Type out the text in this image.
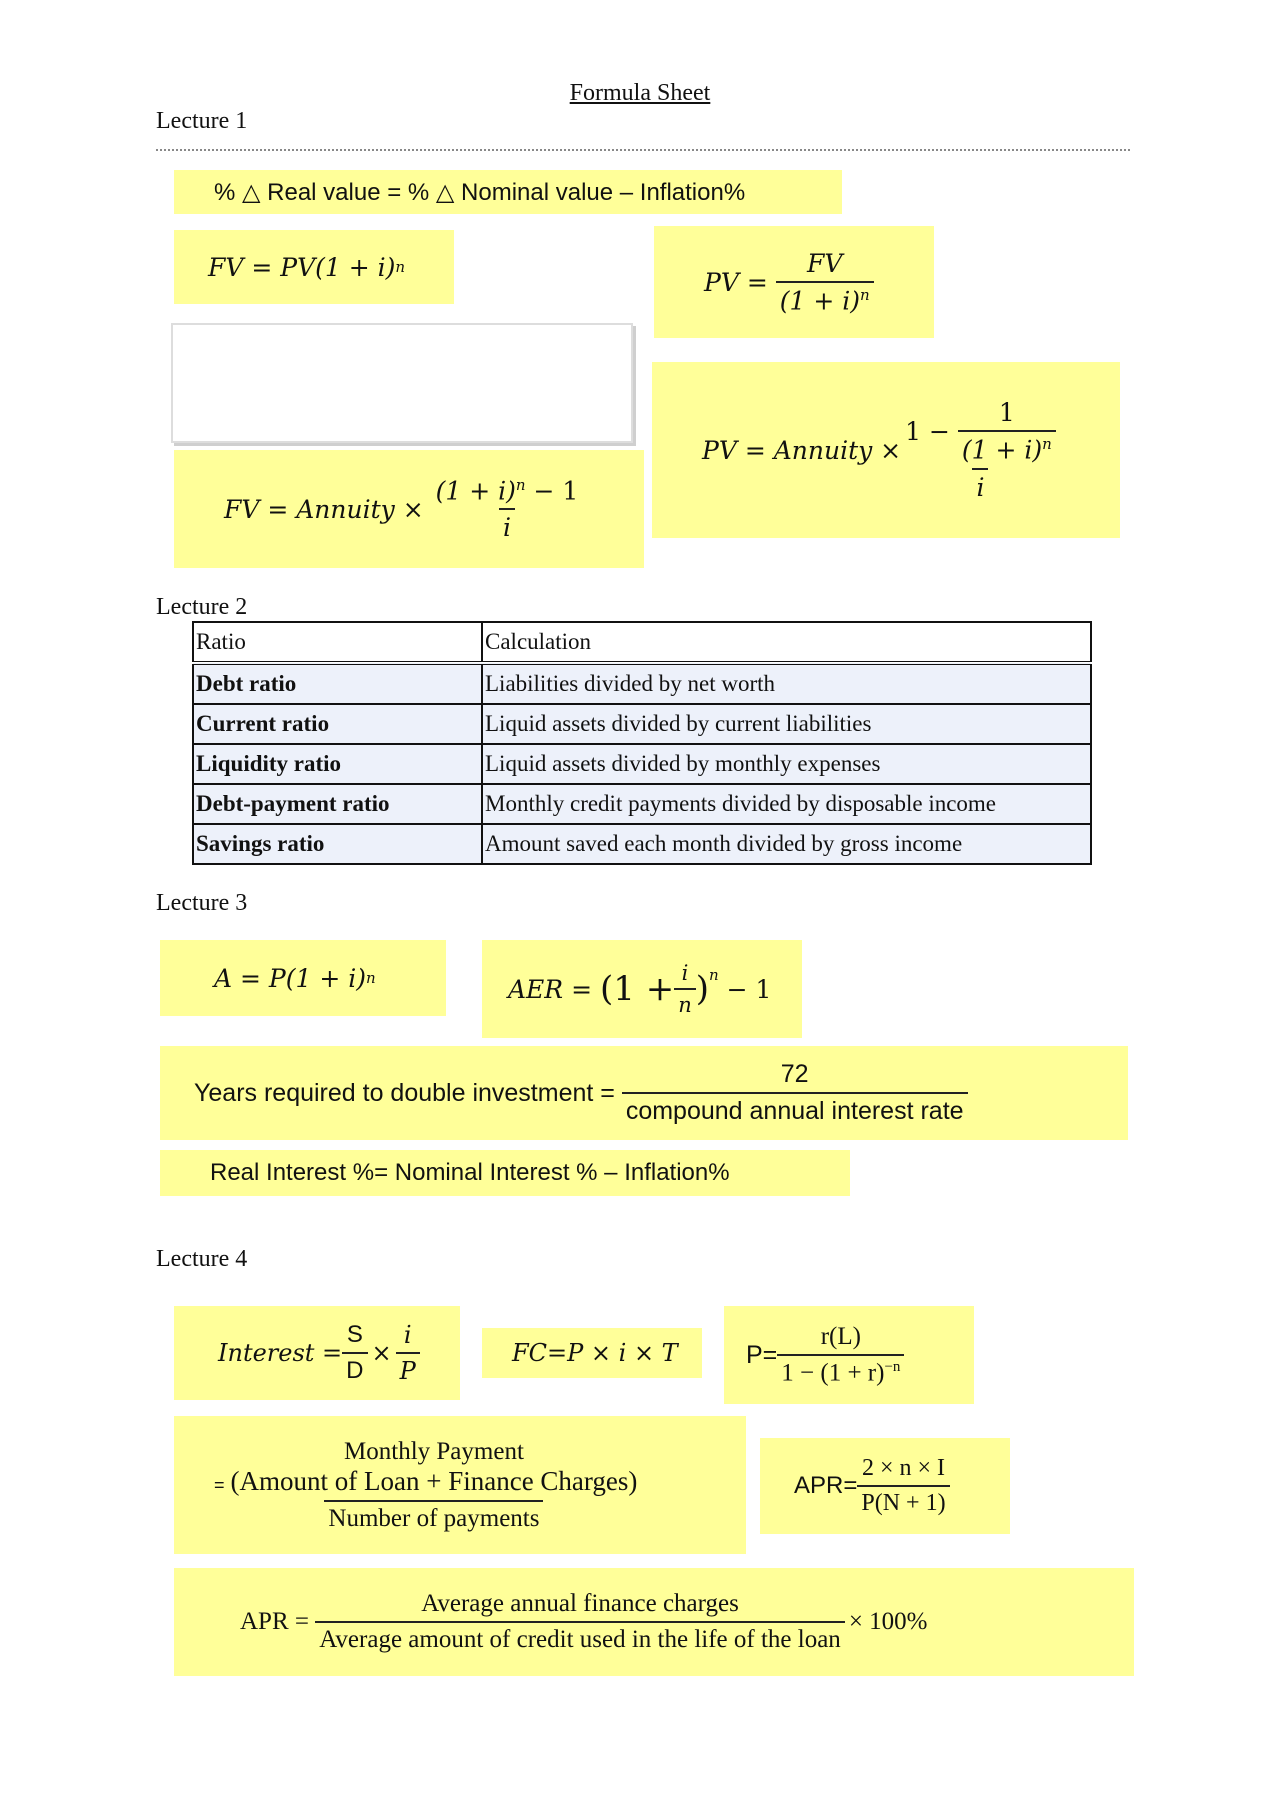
Formula Sheet
Lecture 1
% △ Real value = % △ Nominal value – Inflation%
FV
= PV(1 + i) n
PV =
$\frac{FV}{(1 + i)^n}$
PV = Annuity × 1 −
$\frac{1}{(1 + i)^n}$
i
FV = Annuity ×
$\frac{(1 + i)^n - 1}{i}$
Lecture 2
Ratio	Calculation
Debt ratio	Liabilities divided by net worth
Current ratio	Liquid assets divided by current liabilities
Liquidity ratio	Liquid assets divided by monthly expenses
Debt-payment ratio	Monthly credit payments divided by disposable income
Savings ratio	Amount saved each month divided by gross income
Lecture 3
A = P(1 + i) n	AER =
$(1 + \frac{i}{n} )^n$
− 1
Years required to double investment =
$\frac{72}{\text{compound annual interest rate}}$
Real Interest %= Nominal Interest % – Inflation%
Lecture 4
Interest = $\frac{S}{D} \times \frac{i}{P}$	FC=P × i × T	$P= \frac{r(L)}{1 - (1 + r)^{-n}}$
= Monthly Payment
(Amount of Loan + Finance Charges)
Number of payments	$APR= \frac{2 \times n \times I}{P(N + 1)}$
APR =
$\frac{\text{Average annual finance charges}}{\text{Average amount of credit used in the life of the loan}} \times 100\%$
